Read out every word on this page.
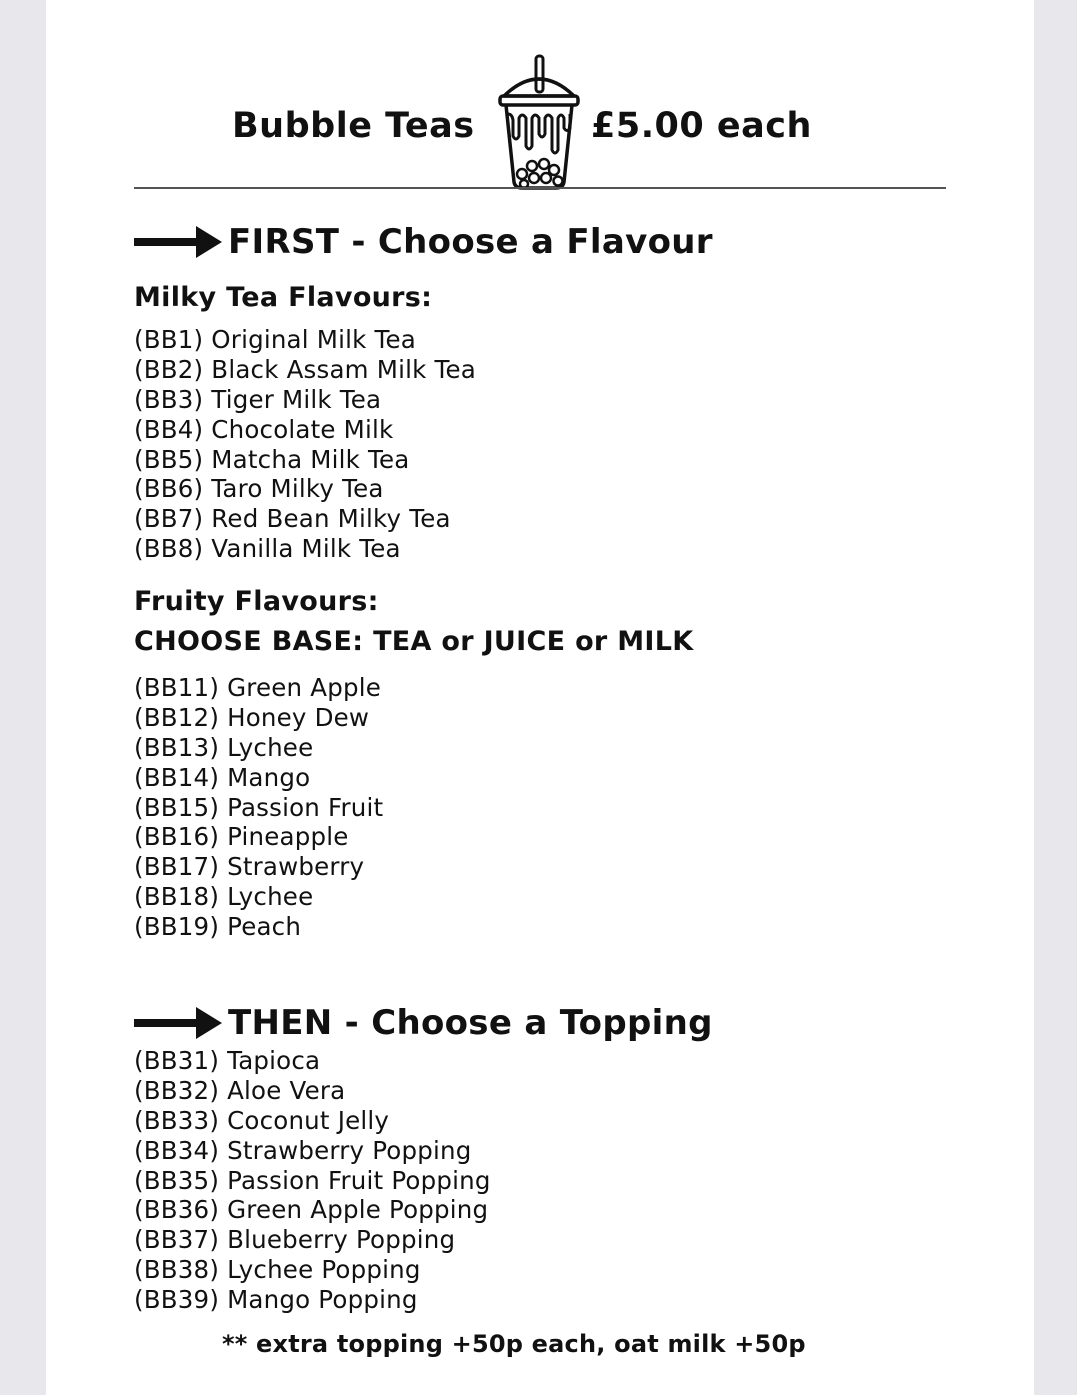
Bubble Teas	£5.00 each
FIRST - Choose a Flavour
Milky Tea Flavours:
(BB1) Original Milk Tea
(BB2) Black Assam Milk Tea
(BB3) Tiger Milk Tea
(BB4) Chocolate Milk
(BB5) Matcha Milk Tea
(BB6) Taro Milky Tea
(BB7) Red Bean Milky Tea
(BB8) Vanilla Milk Tea
Fruity Flavours:
CHOOSE BASE: TEA or JUICE or MILK
(BB11) Green Apple
(BB12) Honey Dew
(BB13) Lychee
(BB14) Mango
(BB15) Passion Fruit
(BB16) Pineapple
(BB17) Strawberry
(BB18) Lychee
(BB19) Peach
THEN - Choose a Topping
(BB31) Tapioca
(BB32) Aloe Vera
(BB33) Coconut Jelly
(BB34) Strawberry Popping
(BB35) Passion Fruit Popping
(BB36) Green Apple Popping
(BB37) Blueberry Popping
(BB38) Lychee Popping
(BB39) Mango Popping
** extra topping +50p each, oat milk +50p
